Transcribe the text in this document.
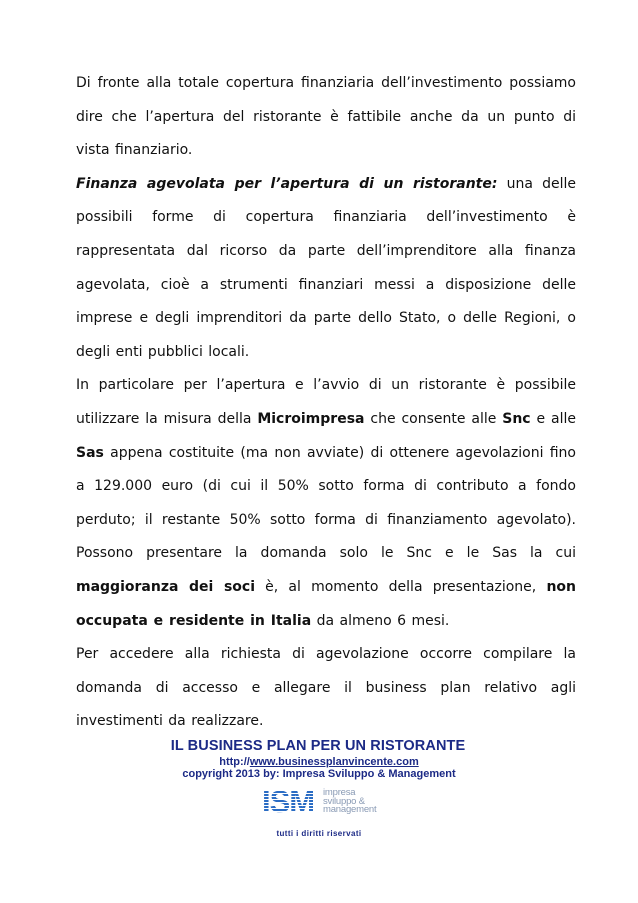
Di fronte alla totale copertura finanziaria dell’investimento possiamo dire che l’apertura del ristorante è fattibile anche da un punto di vista finanziario.

Finanza agevolata per l’apertura di un ristorante: una delle possibili forme di copertura finanziaria dell’investimento è rappresentata dal ricorso da parte dell’imprenditore alla finanza agevolata, cioè a strumenti finanziari messi a disposizione delle imprese e degli imprenditori da parte dello Stato, o delle Regioni, o degli enti pubblici locali.

In particolare per l’apertura e l’avvio di un ristorante è possibile utilizzare la misura della Microimpresa che consente alle Snc e alle Sas appena costituite (ma non avviate) di ottenere agevolazioni fino a 129.000 euro (di cui il 50% sotto forma di contributo a fondo perduto; il restante 50% sotto forma di finanziamento agevolato). Possono presentare la domanda solo le Snc e le Sas la cui maggioranza dei soci è, al momento della presentazione, non occupata e residente in Italia da almeno 6 mesi.

Per accedere alla richiesta di agevolazione occorre compilare la domanda di accesso e allegare il business plan relativo agli investimenti da realizzare.

IL BUSINESS PLAN PER UN RISTORANTE
http://www.businessplanvincente.com
copyright 2013 by: Impresa Sviluppo & Management
ISM impresa
sviluppo &
management
tutti i diritti riservati
